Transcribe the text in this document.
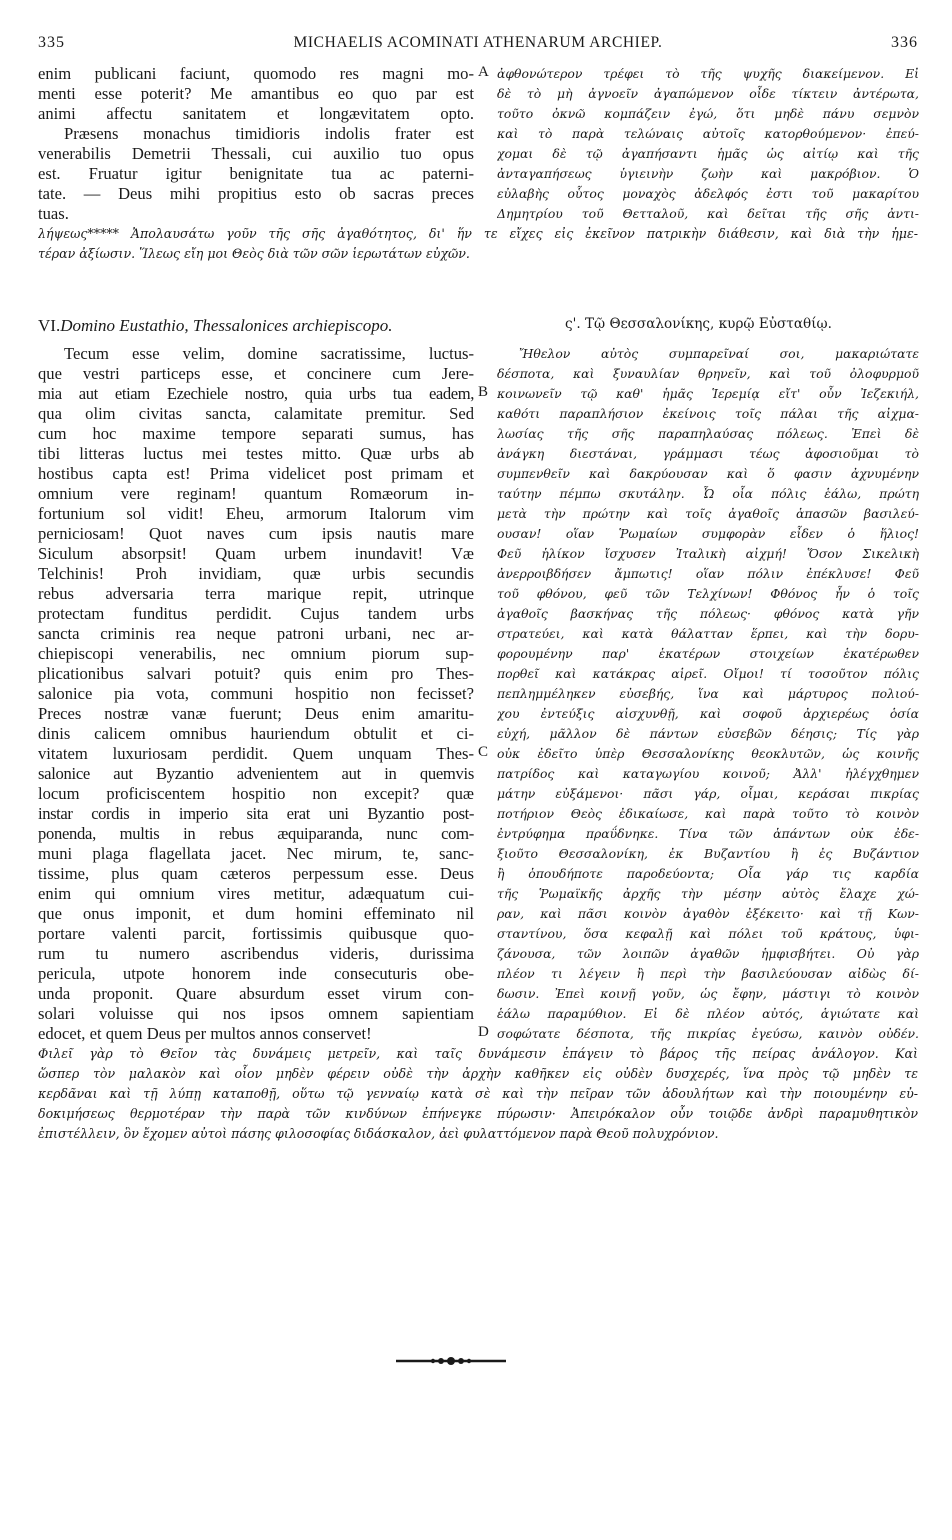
335	MICHAELIS ACOMINATI ATHENARUM ARCHIEP.	336
enim publicani faciunt, quomodo res magni mo-
menti esse poterit? Me amantibus eo quo par est
animi affectu sanitatem et longævitatem opto.
Præsens monachus timidioris indolis frater est
venerabilis Demetrii Thessali, cui auxilio tuo opus
est. Fruatur igitur benignitate tua ac paterni-
tate. — Deus mihi propitius esto ob sacras preces
tuas.
A ἀφθονώτερον τρέφει τὸ τῆς ψυχῆς διακείμενον. Εἰ
δὲ τὸ μὴ ἀγνοεῖν ἀγαπώμενον οἶδε τίκτειν ἀντέρωτα,
τοῦτο ὀκνῶ κομπάζειν ἐγώ, ὅτι μηδὲ πάνυ σεμνὸν
καὶ τὸ παρὰ τελώναις αὐτοῖς κατορθούμενον· ἐπεύ-
χομαι δὲ τῷ ἀγαπήσαντι ἡμᾶς ὡς αἰτίῳ καὶ τῆς
ἀνταγαπήσεως ὑγιεινὴν ζωὴν καὶ μακρόβιον. Ὁ
εὐλαβὴς οὗτος μοναχὸς ἀδελφός ἐστι τοῦ μακαρίτου
Δημητρίου τοῦ Θετταλοῦ, καὶ δεῖται τῆς σῆς ἀντι-
λήψεως***** Ἀπολαυσάτω γοῦν τῆς σῆς ἀγαθότητος, δι' ἥν τε εἴχες εἰς ἐκεῖνον πατρικὴν διάθεσιν, καὶ διὰ τὴν ἡμε-
τέραν ἀξίωσιν. Ἵλεως εἴη μοι Θεὸς διὰ τῶν σῶν ἱερωτάτων εὐχῶν.
VI.Domino Eustathio, Thessalonices archiepiscopo.	ς'. Τῷ Θεσσαλονίκης, κυρῷ Εὐσταθίῳ.
Tecum esse velim, domine sacratissime, luctus-
que vestri particeps esse, et concinere cum Jere-
mia aut etiam Ezechiele nostro, quia urbs tua eadem,
qua olim civitas sancta, calamitate premitur. Sed
cum hoc maxime tempore separati sumus, has
tibi litteras luctus mei testes mitto. Quæ urbs ab
hostibus capta est! Prima videlicet post primam et
omnium vere reginam! quantum Romæorum in-
fortunium sol vidit! Eheu, armorum Italorum vim
perniciosam! Quot naves cum ipsis nautis mare
Siculum absorpsit! Quam urbem inundavit! Væ
Telchinis! Proh invidiam, quæ urbis secundis
rebus adversaria terra marique repit, utrinque
protectam funditus perdidit. Cujus tandem urbs
sancta criminis rea neque patroni urbani, nec ar-
chiepiscopi venerabilis, nec omnium piorum sup-
plicationibus salvari potuit? quis enim pro Thes-
salonice pia vota, communi hospitio non fecisset?
Preces nostræ vanæ fuerunt; Deus enim amaritu-
dinis calicem omnibus hauriendum obtulit et ci-
vitatem luxuriosam perdidit. Quem unquam Thes-
salonice aut Byzantio advenientem aut in quemvis
locum proficiscentem hospitio non excepit? quæ
instar cordis in imperio sita erat uni Byzantio post-
ponenda, multis in rebus æquiparanda, nunc com-
muni plaga flagellata jacet. Nec mirum, te, sanc-
tissime, plus quam cæteros perpessum esse. Deus
enim qui omnium vires metitur, adæquatum cui-
que onus imponit, et dum homini effeminato nil
portare valenti parcit, fortissimis quibusque quo-
rum tu numero ascribendus videris, durissima
pericula, utpote honorem inde consecuturis obe-
unda proponit. Quare absurdum esset virum con-
solari voluisse qui nos ipsos omnem sapientiam
edocet, et quem Deus per multos annos conservet!
B
C
D
Ἤθελον αὐτὸς συμπαρεῖναί σοι, μακαριώτατε
δέσποτα, καὶ ξυναυλίαν θρηνεῖν, καὶ τοῦ ὀλοφυρμοῦ
κοινωνεῖν τῷ καθ' ἡμᾶς Ἱερεμίᾳ εἴτ' οὖν Ἰεζεκιήλ,
καθότι παραπλήσιον ἐκείνοις τοῖς πάλαι τῆς αἰχμα-
λωσίας τῆς σῆς παραπηλαύσας πόλεως. Ἐπεὶ δὲ
ἀνάγκη διεστάναι, γράμμασι τέως ἀφοσιοῦμαι τὸ
συμπενθεῖν καὶ δακρύουσαν καὶ ὅ φασιν ἀχνυμένην
ταύτην πέμπω σκυτάλην. Ὦ οἷα πόλις ἑάλω, πρώτη
μετὰ τὴν πρώτην καὶ τοῖς ἀγαθοῖς ἁπασῶν βασιλεύ-
ουσαν! οἵαν Ῥωμαίων συμφορὰν εἶδεν ὁ ἥλιος!
Φεῦ ἡλίκον ἴσχυσεν Ἰταλικὴ αἰχμή! Ὅσον Σικελικὴ
ἀνερροιβδήσεν ἄμπωτις! οἵαν πόλιν ἐπέκλυσε! Φεῦ
τοῦ φθόνου, φεῦ τῶν Τελχίνων! Φθόνος ἦν ὁ τοῖς
ἀγαθοῖς βασκήνας τῆς πόλεως· φθόνος κατὰ γῆν
στρατεύει, καὶ κατὰ θάλατταν ἕρπει, καὶ τὴν δορυ-
φορουμένην παρ' ἑκατέρων στοιχείων ἑκατέρωθεν
πορθεῖ καὶ κατάκρας αἱρεῖ. Οἴμοι! τί τοσοῦτον πόλις
πεπλημμέληκεν εὐσεβής, ἵνα καὶ μάρτυρος πολιού-
χου ἐντεύξις αἰσχυνθῇ, καὶ σοφοῦ ἀρχιερέως ὁσία
εὐχή, μᾶλλον δὲ πάντων εὐσεβῶν δέησις; Τίς γὰρ
οὐκ ἐδεῖτο ὑπὲρ Θεσσαλονίκης θεοκλυτῶν, ὡς κοινῆς
πατρίδος καὶ καταγωγίου κοινοῦ; Ἀλλ' ἠλέγχθημεν
μάτην εὐξάμενοι· πᾶσι γάρ, οἶμαι, κεράσαι πικρίας
ποτήριον Θεὸς ἐδικαίωσε, καὶ παρὰ τοῦτο τὸ κοινὸν
ἐντρύφημα πραΰδνηκε. Τίνα τῶν ἁπάντων οὐκ ἐδε-
ξιοῦτο Θεσσαλονίκη, ἐκ Βυζαντίου ἢ ἐς Βυζάντιον
ἢ ὁπουδήποτε παροδεύοντα; Οἷα γάρ τις καρδία
τῆς Ῥωμαϊκῆς ἀρχῆς τὴν μέσην αὐτὸς ἔλαχε χώ-
ραν, καὶ πᾶσι κοινὸν ἀγαθὸν ἐξέκειτο· καὶ τῇ Κων-
σταντίνου, ὅσα κεφαλῇ καὶ πόλει τοῦ κράτους, ὑφι-
ζάνουσα, τῶν λοιπῶν ἀγαθῶν ἡμφισβήτει. Οὐ γὰρ
πλέον τι λέγειν ἢ περὶ τὴν βασιλεύουσαν αἰδὼς δί-
δωσιν. Ἐπεὶ κοινῇ γοῦν, ὡς ἔφην, μάστιγι τὸ κοινὸν
ἑάλω παραμύθιον. Εἰ δὲ πλέον αὐτός, ἁγιώτατε καὶ
σοφώτατε δέσποτα, τῆς πικρίας ἐγεύσω, καινὸν οὐδέν.
Φιλεῖ γὰρ τὸ Θεῖον τὰς δυνάμεις μετρεῖν, καὶ ταῖς δυνάμεσιν ἐπάγειν τὸ βάρος τῆς πείρας ἀνάλογον. Καὶ
ὥσπερ τὸν μαλακὸν καὶ οἷον μηδὲν φέρειν οὐδὲ τὴν ἀρχὴν καθῆκεν εἰς οὐδὲν δυσχερές, ἵνα πρὸς τῷ μηδὲν τε
κερδᾶναι καὶ τῇ λύπῃ καταποθῇ, οὕτω τῷ γενναίῳ κατὰ σὲ καὶ τὴν πεῖραν τῶν ἀδουλήτων καὶ τὴν ποιουμένην εὐ-
δοκιμήσεως θερμοτέραν τὴν παρὰ τῶν κινδύνων ἐπήνεγκε πύρωσιν· Ἀπειρόκαλον οὖν τοιῷδε ἀνδρὶ παραμυθητικὸν
ἐπιστέλλειν, ὃν ἔχομεν αὐτοὶ πάσης φιλοσοφίας διδάσκαλον, ἀεὶ φυλαττόμενον παρὰ Θεοῦ πολυχρόνιον.
